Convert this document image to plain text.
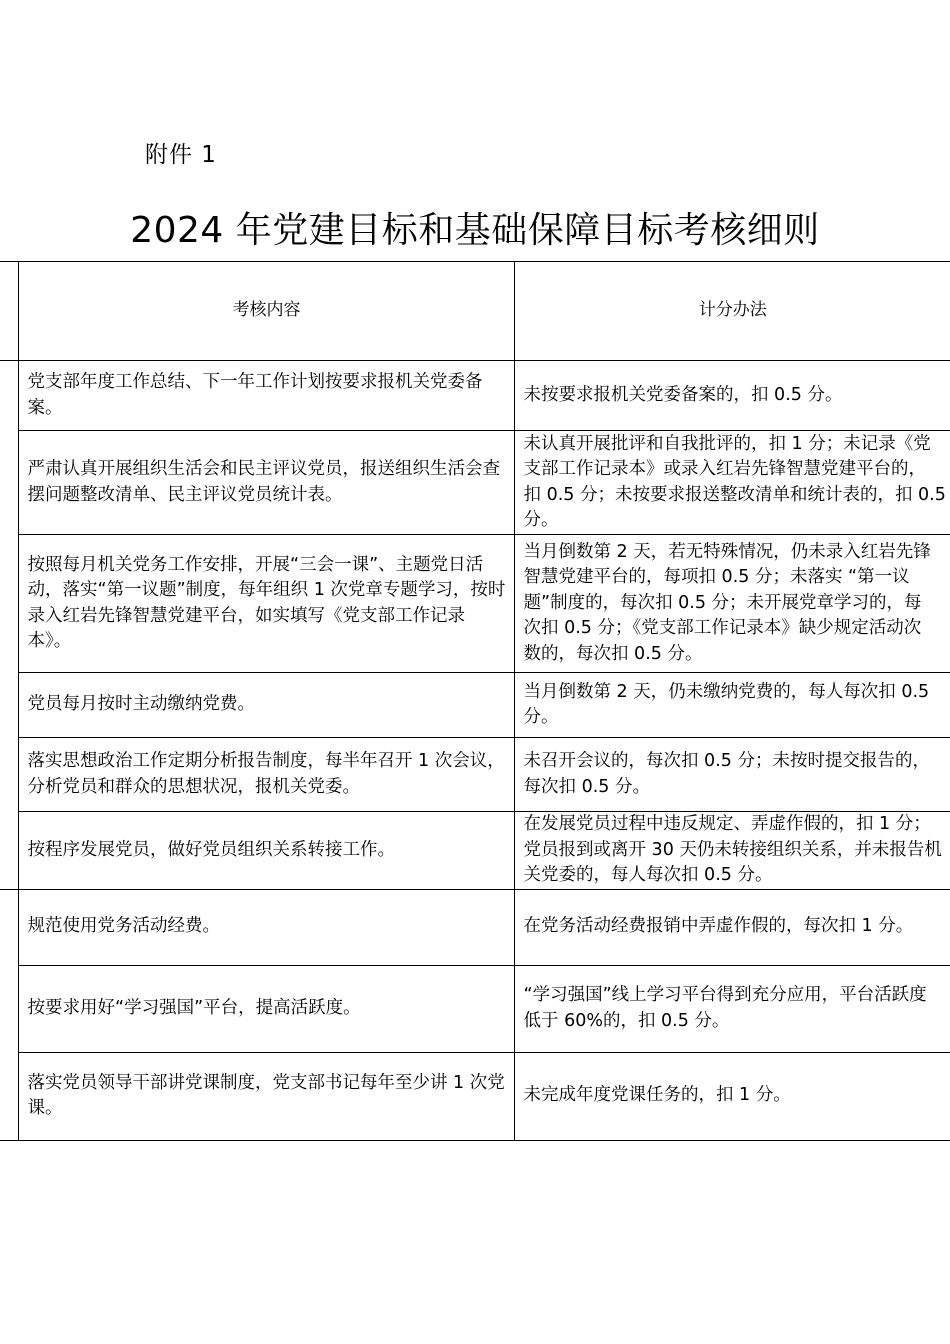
附件 1
2024 年党建目标和基础保障目标考核细则
	考核内容	计分办法
	党支部年度工作总结、下一年工作计划按要求报机关党委备案。	未按要求报机关党委备案的，扣 0.5 分。

	严肃认真开展组织生活会和民主评议党员，报送组织生活会查摆问题整改清单、民主评议党员统计表。	未认真开展批评和自我批评的，扣 1 分；未记录《党
支部工作记录本》或录入红岩先锋智慧党建平台的，
扣 0.5 分；未按要求报送整改清单和统计表的，扣 0.5
分。

	按照每月机关党务工作安排，开展“三会一课”、主题党日活动，落实“第一议题”制度，每年组织 1 次党章专题学习，按时录入红岩先锋智慧党建平台，如实填写《党支部工作记录本》。	当月倒数第 2 天，若无特殊情况，仍未录入红岩先锋
智慧党建平台的，每项扣 0.5 分；未落实 “第一议
题”制度的，每次扣 0.5 分；未开展党章学习的，每
次扣 0.5 分；《党支部工作记录本》缺少规定活动次
数的，每次扣 0.5 分。

	党员每月按时主动缴纳党费。	当月倒数第 2 天，仍未缴纳党费的，每人每次扣 0.5
分。

	落实思想政治工作定期分析报告制度，每半年召开 1 次会议，分析党员和群众的思想状况，报机关党委。	未召开会议的，每次扣 0.5 分；未按时提交报告的，
每次扣 0.5 分。

	按程序发展党员，做好党员组织关系转接工作。	在发展党员过程中违反规定、弄虚作假的，扣 1 分；
党员报到或离开 30 天仍未转接组织关系，并未报告机
关党委的，每人每次扣 0.5 分。

	规范使用党务活动经费。	在党务活动经费报销中弄虚作假的，每次扣 1 分。

	按要求用好“学习强国”平台，提高活跃度。	“学习强国”线上学习平台得到充分应用，平台活跃度
低于 60%的，扣 0.5 分。

	落实党员领导干部讲党课制度，党支部书记每年至少讲 1 次党课。	未完成年度党课任务的，扣 1 分。
